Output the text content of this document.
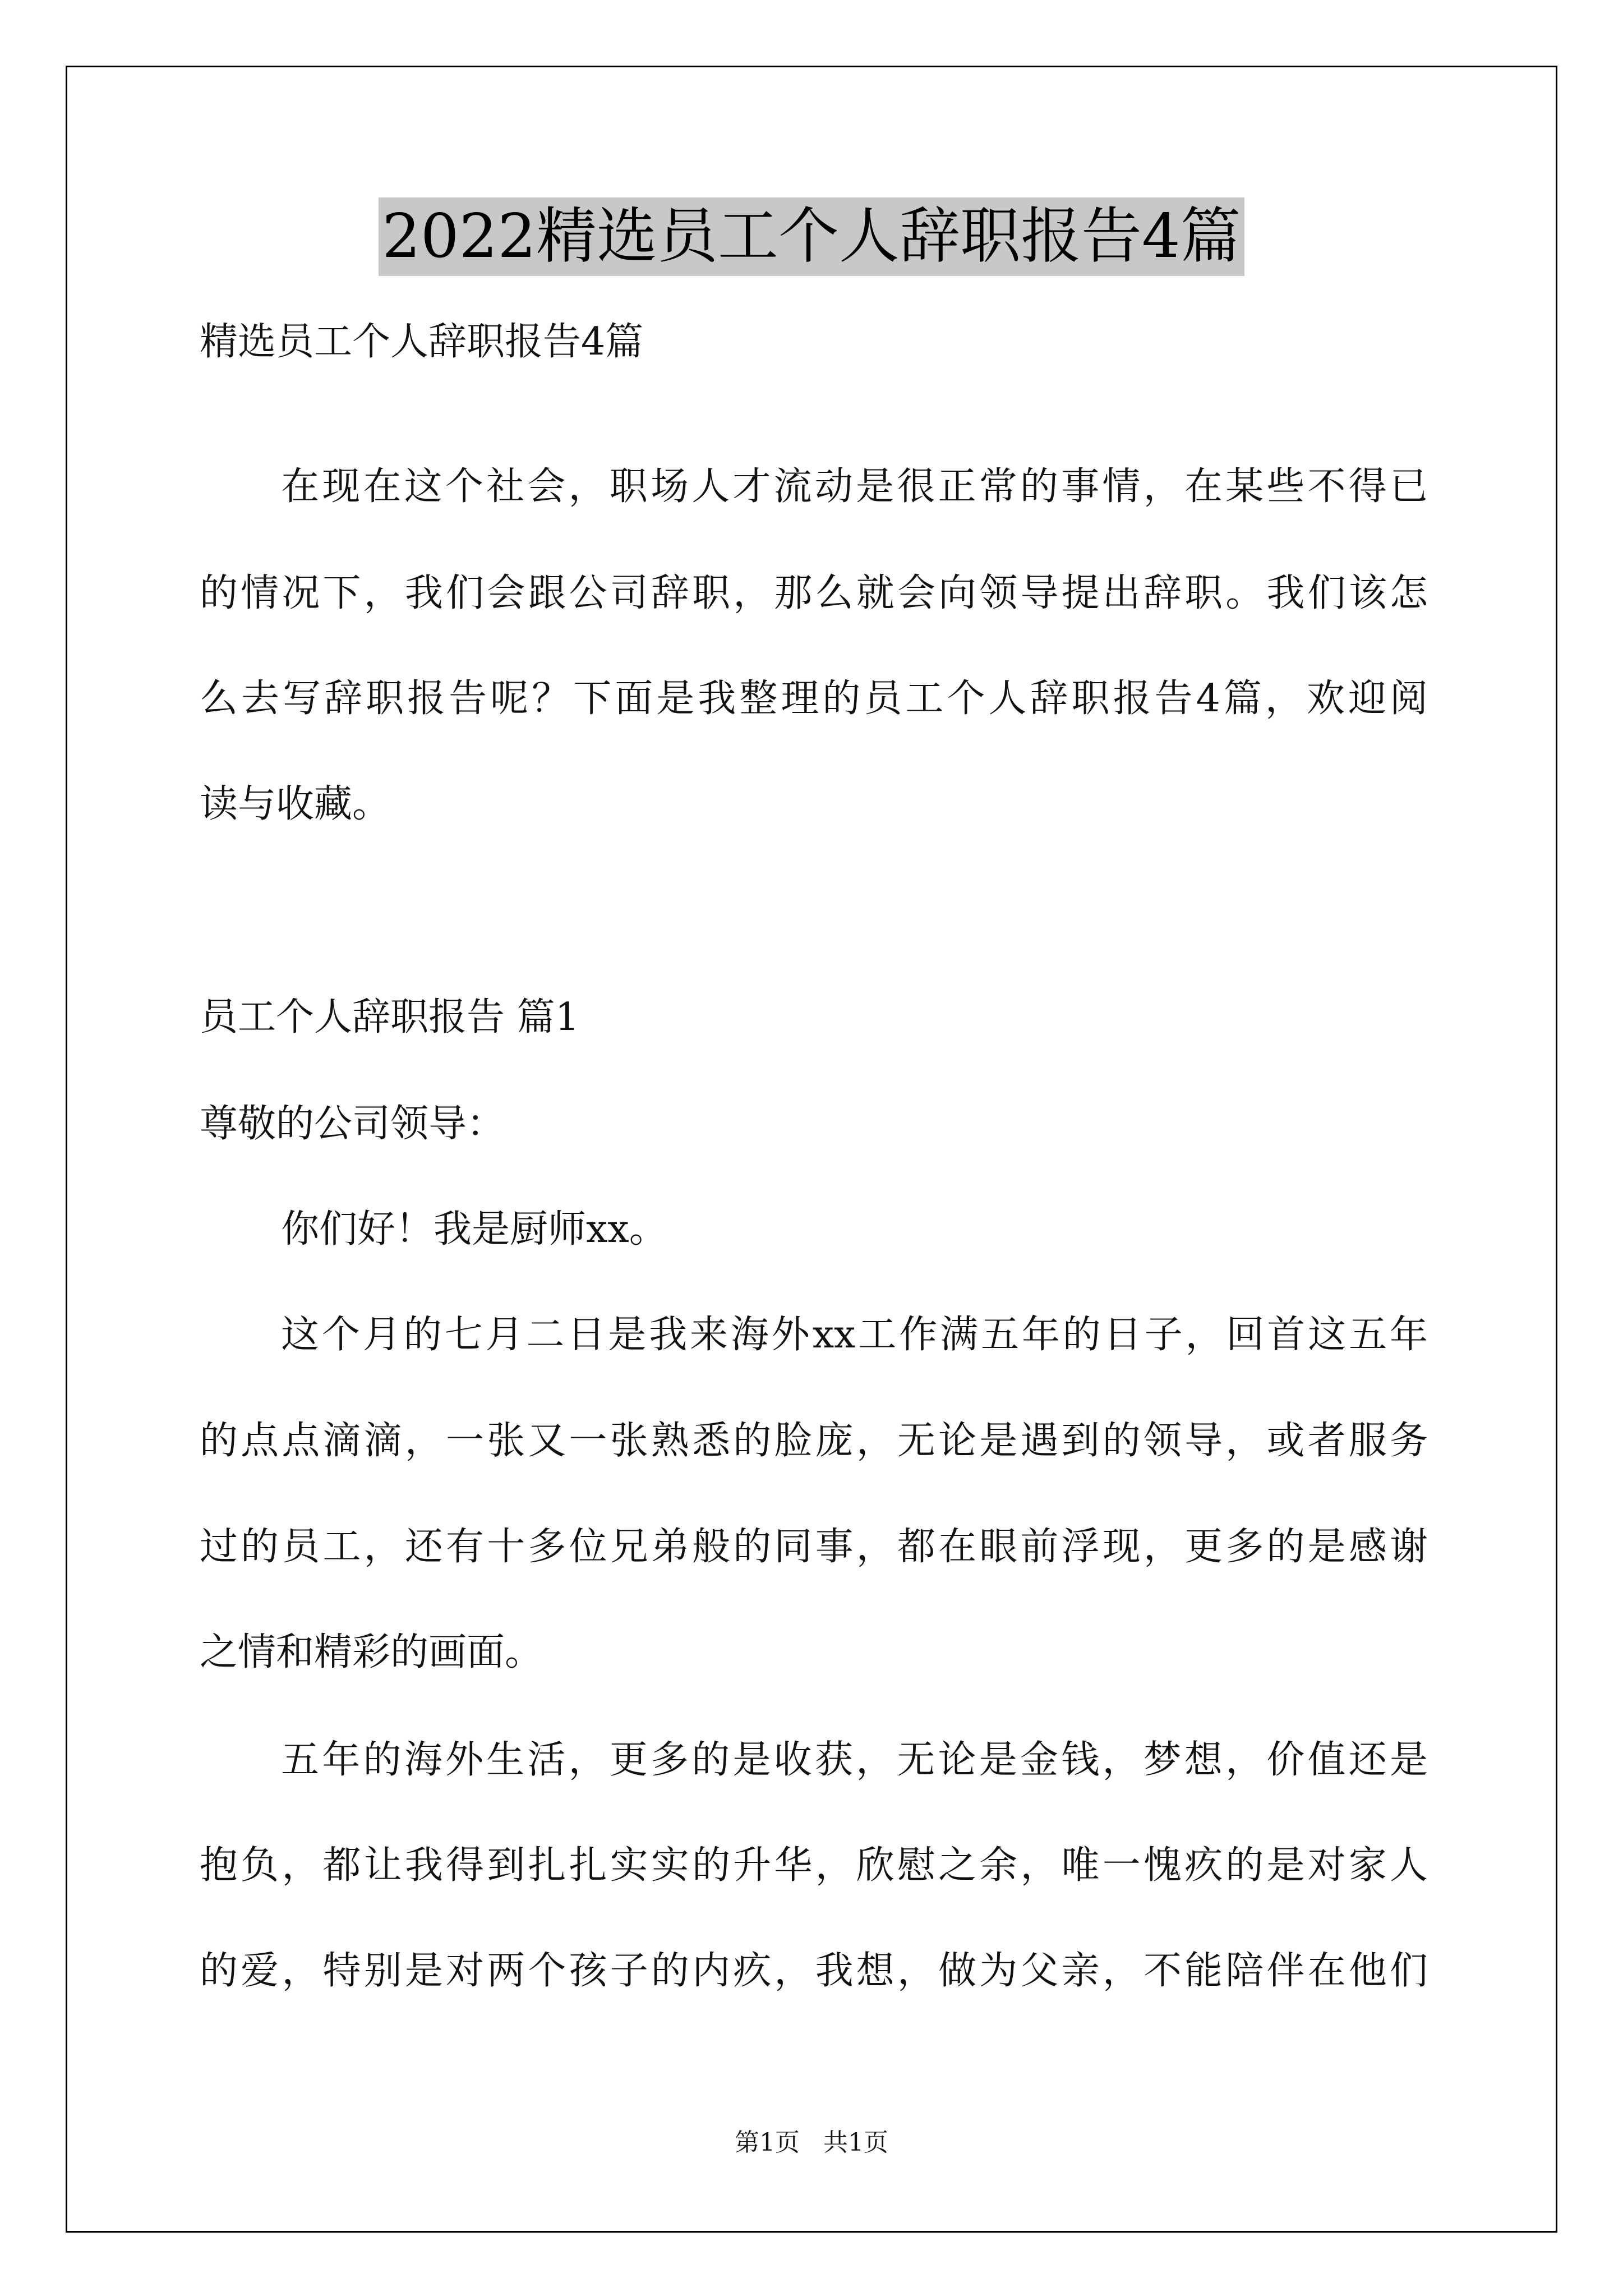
2022精选员工个人辞职报告4篇
精选员工个人辞职报告4篇
在现在这个社会，职场人才流动是很正常的事情，在某些不得已
的情况下，我们会跟公司辞职，那么就会向领导提出辞职。我们该怎
么去写辞职报告呢？下面是我整理的员工个人辞职报告4篇，欢迎阅
读与收藏。
员工个人辞职报告 篇1
尊敬的公司领导：
你们好！我是厨师xx。
这个月的七月二日是我来海外xx工作满五年的日子，回首这五年
的点点滴滴，一张又一张熟悉的脸庞，无论是遇到的领导，或者服务
过的员工，还有十多位兄弟般的同事，都在眼前浮现，更多的是感谢
之情和精彩的画面。
五年的海外生活，更多的是收获，无论是金钱，梦想，价值还是
抱负，都让我得到扎扎实实的升华，欣慰之余，唯一愧疚的是对家人
的爱，特别是对两个孩子的内疚，我想，做为父亲，不能陪伴在他们
第1页   共1页
